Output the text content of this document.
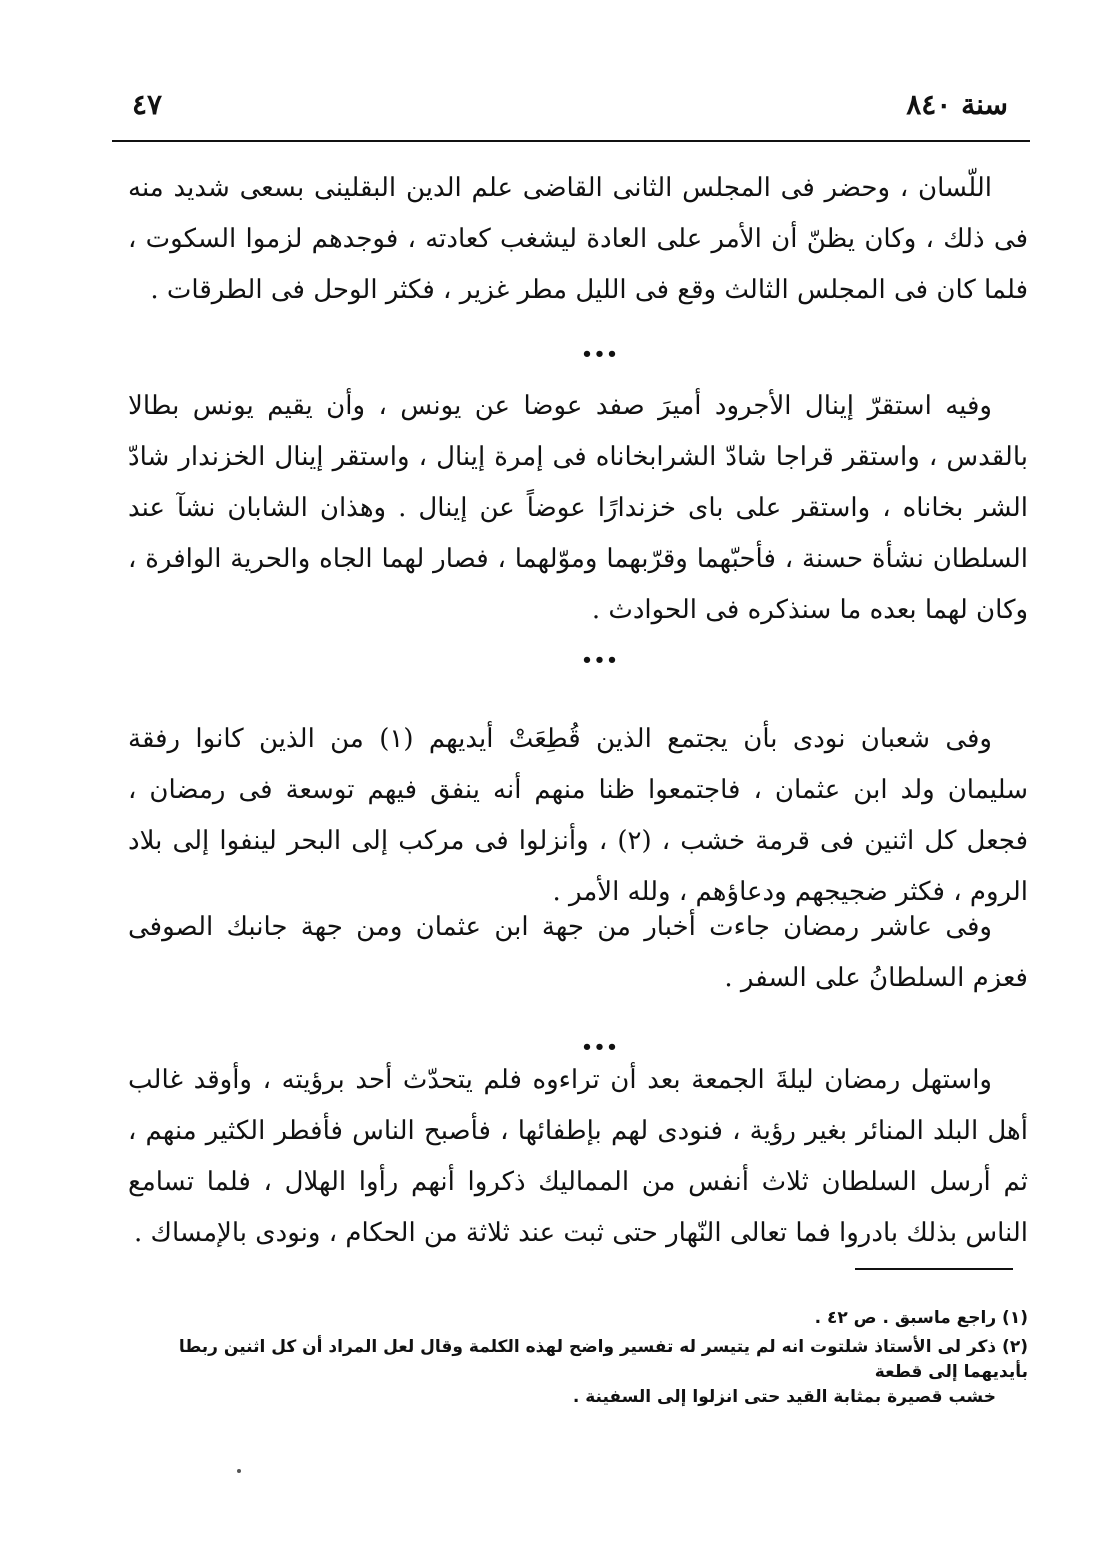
سنة ٨٤٠
٤٧

اللّسان ، وحضر فى المجلس الثانى القاضى علم الدين البقلينى بسعى شديد منه فى ذلك ، وكان يظنّ أن الأمر على العادة ليشغب كعادته ، فوجدهم لزموا السكوت ، فلما كان فى المجلس الثالث وقع فى الليل مطر غزير ، فكثر الوحل فى الطرقات .

•••

وفيه استقرّ إينال الأجرود أميرَ صفد عوضا عن يونس ، وأن يقيم يونس بطالا بالقدس ، واستقر قراجا شادّ الشرابخاناه فى إمرة إينال ، واستقر إينال الخزندار شادّ الشر بخاناه ، واستقر على باى خزندارًا عوضاً عن إينال . وهذان الشابان نشآ عند السلطان نشأة حسنة ، فأحبّهما وقرّبهما وموّلهما ، فصار لهما الجاه والحرية الوافرة ، وكان لهما بعده ما سنذكره فى الحوادث .

•••

وفى شعبان نودى بأن يجتمع الذين قُطِعَتْ أيديهم (١) من الذين كانوا رفقة سليمان ولد ابن عثمان ، فاجتمعوا ظنا منهم أنه ينفق فيهم توسعة فى رمضان ، فجعل كل اثنين فى قرمة خشب ، (٢) ، وأنزلوا فى مركب إلى البحر لينفوا إلى بلاد الروم ، فكثر ضجيجهم ودعاؤهم ، ولله الأمر .

وفى عاشر رمضان جاءت أخبار من جهة ابن عثمان ومن جهة جانبك الصوفى فعزم السلطانُ على السفر .

•••

واستهل رمضان ليلةَ الجمعة بعد أن تراءوه فلم يتحدّث أحد برؤيته ، وأوقد غالب أهل البلد المنائر بغير رؤية ، فنودى لهم بإطفائها ، فأصبح الناس فأفطر الكثير منهم ، ثم أرسل السلطان ثلاث أنفس من المماليك ذكروا أنهم رأوا الهلال ، فلما تسامع الناس بذلك بادروا فما تعالى النّهار حتى ثبت عند ثلاثة من الحكام ، ونودى بالإمساك .

(١) راجع ماسبق . ص ٤٢ .

(٢) ذكر لى الأستاذ شلتوت انه لم يتيسر له تفسير واضح لهذه الكلمة وقال لعل المراد أن كل اثنين ربطا بأيديهما إلى قطعة
خشب قصيرة بمثابة القيد حتى انزلوا إلى السفينة .
